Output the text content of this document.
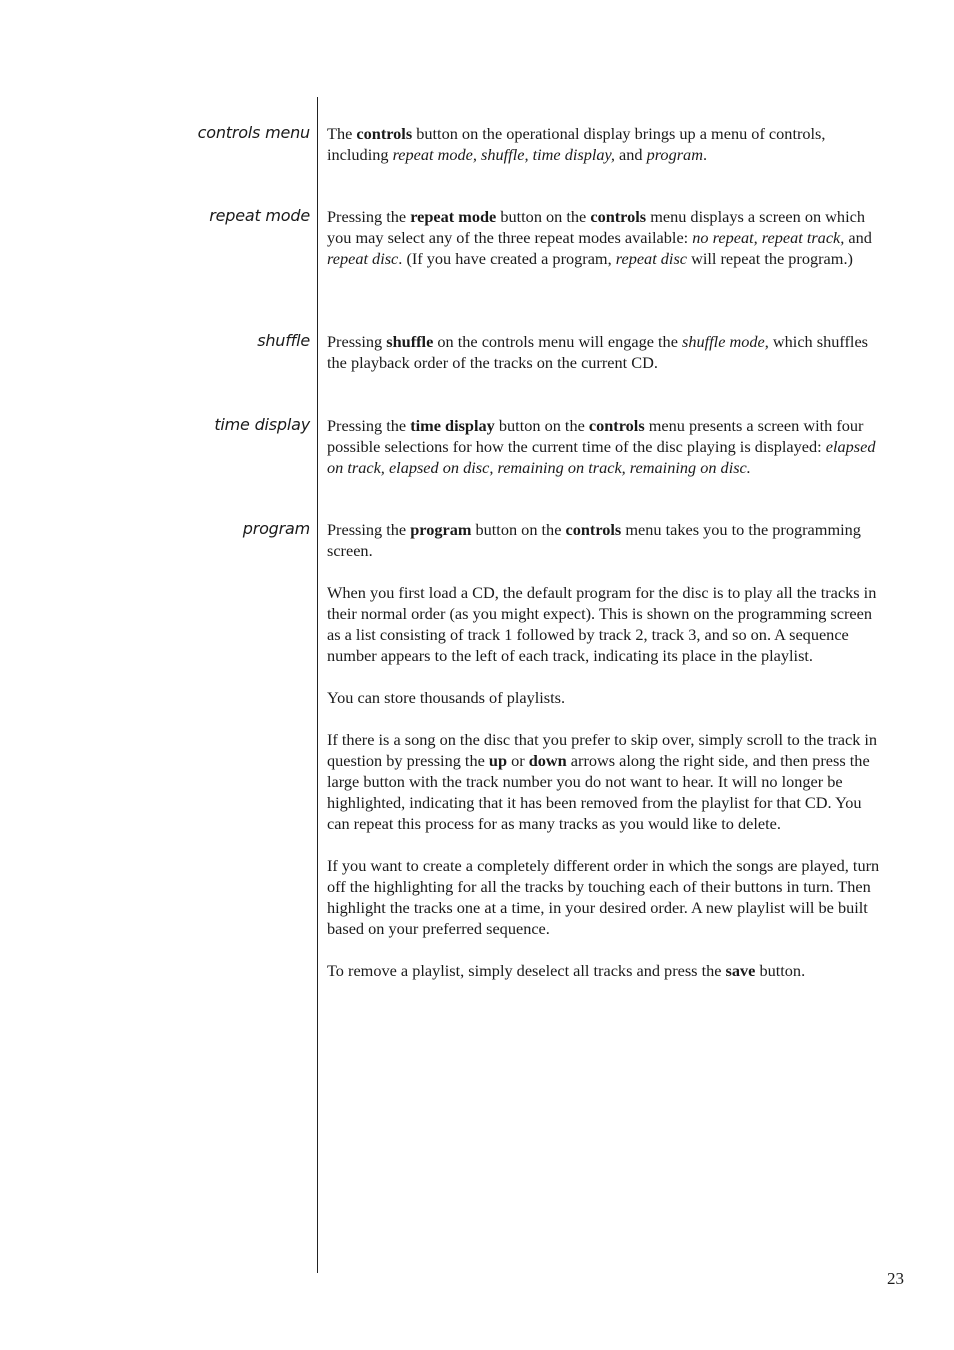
controls menu The controls button on the operational display brings up a menu of controls, including repeat mode, shuffle, time display, and program.

repeat mode Pressing the repeat mode button on the controls menu displays a screen on which you may select any of the three repeat modes available: no repeat, repeat track, and repeat disc. (If you have created a program, repeat disc will repeat the program.)

shuffle Pressing shuffle on the controls menu will engage the shuffle mode, which shuffles the playback order of the tracks on the current CD.

time display Pressing the time display button on the controls menu presents a screen with four possible selections for how the current time of the disc playing is displayed: elapsed on track, elapsed on disc, remaining on track, remaining on disc.

program Pressing the program button on the controls menu takes you to the programming screen.

When you first load a CD, the default program for the disc is to play all the tracks in their normal order (as you might expect). This is shown on the programming screen as a list consisting of track 1 followed by track 2, track 3, and so on. A sequence number appears to the left of each track, indicating its place in the playlist.

You can store thousands of playlists.

If there is a song on the disc that you prefer to skip over, simply scroll to the track in question by pressing the up or down arrows along the right side, and then press the large button with the track number you do not want to hear. It will no longer be highlighted, indicating that it has been removed from the playlist for that CD. You can repeat this process for as many tracks as you would like to delete.

If you want to create a completely different order in which the songs are played, turn off the highlighting for all the tracks by touching each of their buttons in turn. Then highlight the tracks one at a time, in your desired order. A new playlist will be built based on your preferred sequence.

To remove a playlist, simply deselect all tracks and press the save button.

23
